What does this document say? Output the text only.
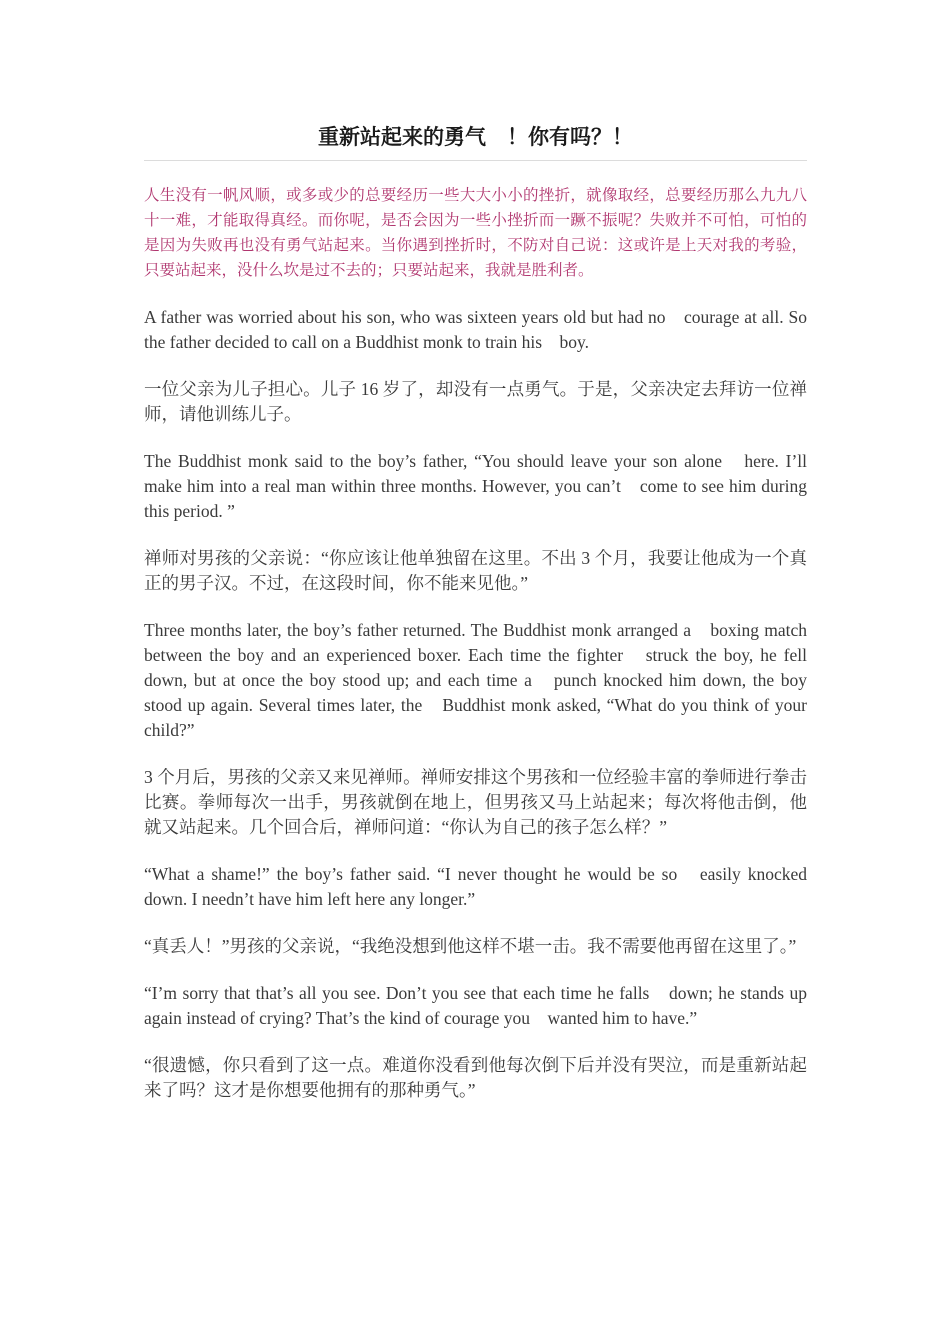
重新站起来的勇气　！你有吗？！

人生没有一帆风顺，或多或少的总要经历一些大大小小的挫折，就像取经，总要经历那么九九八十一难，才能取得真经。而你呢，是否会因为一些小挫折而一蹶不振呢？失败并不可怕，可怕的是因为失败再也没有勇气站起来。当你遇到挫折时，不防对自己说：这或许是上天对我的考验，只要站起来，没什么坎是过不去的；只要站起来，我就是胜利者。

A father was worried about his son, who was sixteen years old but had no　courage at all. So the father decided to call on a Buddhist monk to train his　boy.

一位父亲为儿子担心。儿子 16 岁了，却没有一点勇气。于是，父亲决定去拜访一位禅师，请他训练儿子。

The Buddhist monk said to the boy’s father, “You should leave your son alone　here. I’ll make him into a real man within three months. However, you can’t　come to see him during this period. ”

禅师对男孩的父亲说：“你应该让他单独留在这里。不出 3 个月，我要让他成为一个真正的男子汉。不过，在这段时间，你不能来见他。”

Three months later, the boy’s father returned. The Buddhist monk arranged a　boxing match between the boy and an experienced boxer. Each time the fighter　struck the boy, he fell down, but at once the boy stood up; and each time a　punch knocked him down, the boy stood up again. Several times later, the　Buddhist monk asked, “What do you think of your child?”

3 个月后，男孩的父亲又来见禅师。禅师安排这个男孩和一位经验丰富的拳师进行拳击比赛。拳师每次一出手，男孩就倒在地上，但男孩又马上站起来；每次将他击倒，他就又站起来。几个回合后，禅师问道：“你认为自己的孩子怎么样？”

“What a shame!” the boy’s father said. “I never thought he would be so　easily knocked down. I needn’t have him left here any longer.”

“真丢人！”男孩的父亲说，“我绝没想到他这样不堪一击。我不需要他再留在这里了。”

“I’m sorry that that’s all you see. Don’t you see that each time he falls　down; he stands up again instead of crying? That’s the kind of courage you　wanted him to have.”

“很遗憾，你只看到了这一点。难道你没看到他每次倒下后并没有哭泣，而是重新站起来了吗？这才是你想要他拥有的那种勇气。”
